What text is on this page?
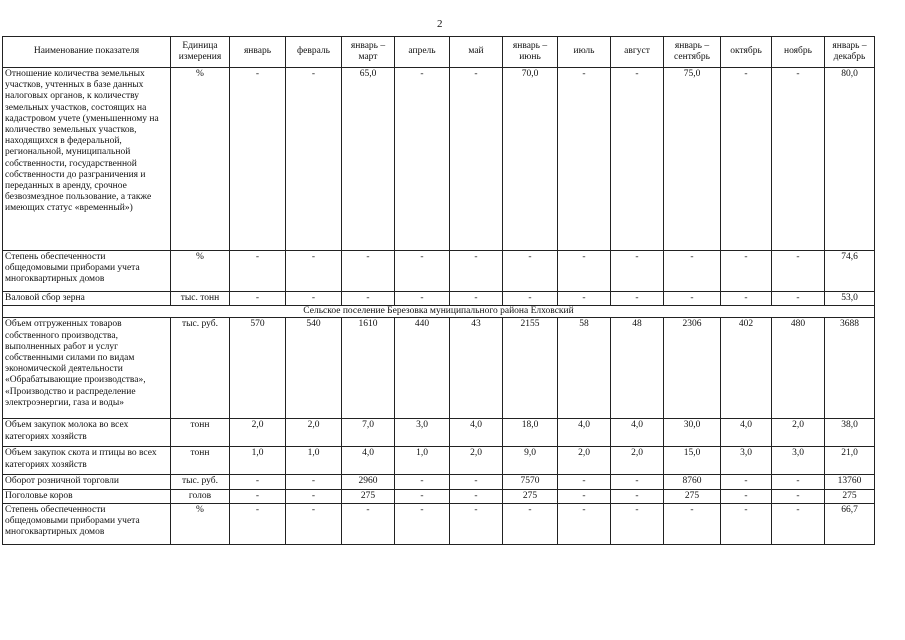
2
Наименование показателя	Единица измерения	январь	февраль	январь – март	апрель	май	январь – июнь	июль	август	январь – сентябрь	октябрь	ноябрь	январь – декабрь
Отношение количества земельных участков, учтенных в базе данных налоговых органов, к количеству земельных участков, состоящих на кадастровом учете (уменьшенному на количество земельных участков, находящихся в федеральной, региональной, муниципальной собственности, государственной собственности до разграничения и переданных в аренду, срочное безвозмездное пользование, а также имеющих статус «временный»)	%	-	-	65,0	-	-	70,0	-	-	75,0	-	-	80,0
Степень обеспеченности общедомовыми приборами учета многоквартирных домов	%	-	-	-	-	-	-	-	-	-	-	-	74,6
Валовой сбор зерна	тыс. тонн	-	-	-	-	-	-	-	-	-	-	-	53,0
Сельское поселение Березовка муниципального района Елховский													
Объем отгруженных товаров собственного производства, выполненных работ и услуг собственными силами по видам экономической деятельности «Обрабатывающие производства», «Производство и распределение электроэнергии, газа и воды»	тыс. руб.	570	540	1610	440	43	2155	58	48	2306	402	480	3688
Объем закупок молока во всех категориях хозяйств	тонн	2,0	2,0	7,0	3,0	4,0	18,0	4,0	4,0	30,0	4,0	2,0	38,0
Объем закупок скота и птицы во всех категориях хозяйств	тонн	1,0	1,0	4,0	1,0	2,0	9,0	2,0	2,0	15,0	3,0	3,0	21,0
Оборот розничной торговли	тыс. руб.	-	-	2960	-	-	7570	-	-	8760	-	-	13760
Поголовье коров	голов	-	-	275	-	-	275	-	-	275	-	-	275
Степень обеспеченности общедомовыми приборами учета многоквартирных домов	%	-	-	-	-	-	-	-	-	-	-	-	66,7
